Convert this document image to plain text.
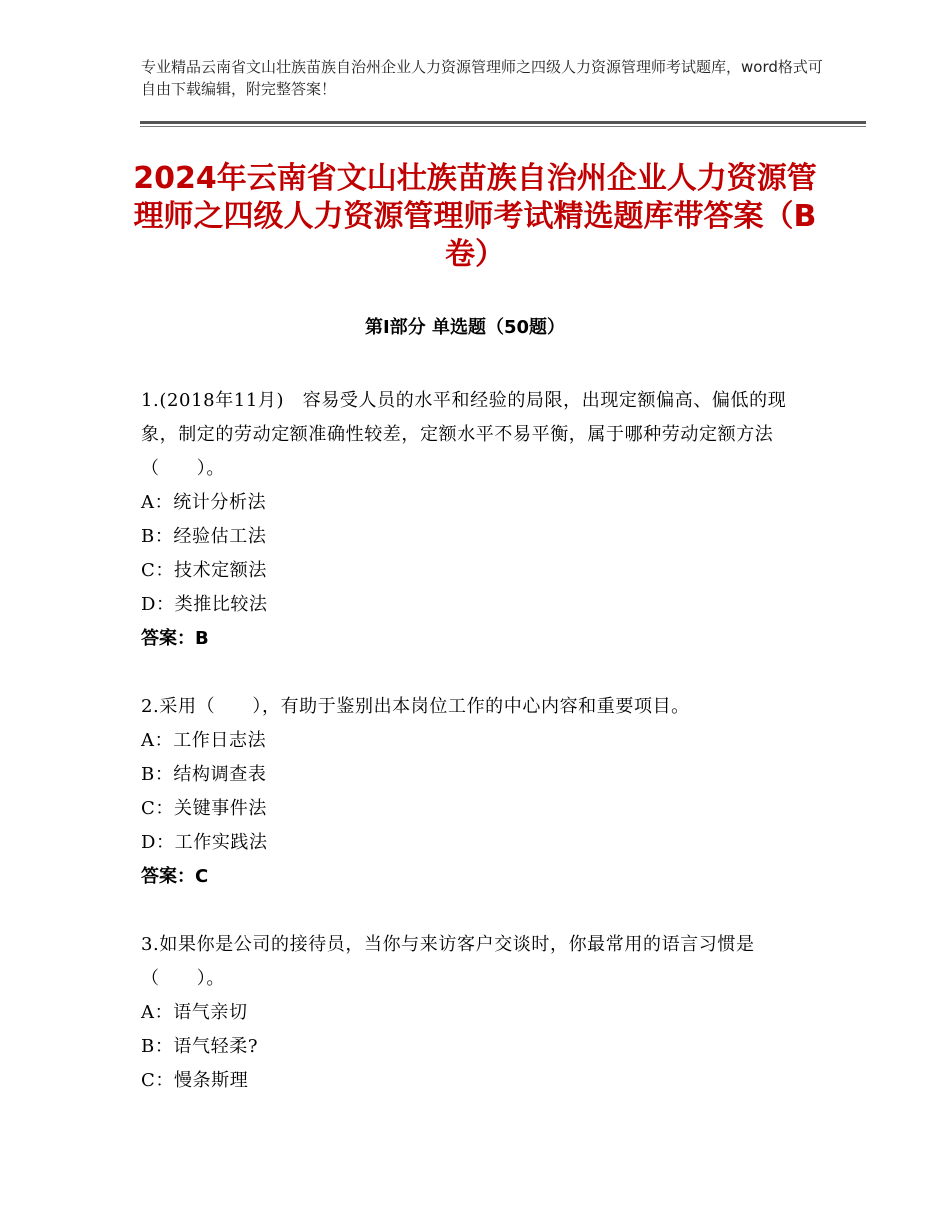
专业精品云南省文山壮族苗族自治州企业人力资源管理师之四级人力资源管理师考试题库，word格式可自由下载编辑，附完整答案！
2024年云南省文山壮族苗族自治州企业人力资源管理师之四级人力资源管理师考试精选题库带答案（B卷）
第Ⅰ部分 单选题（50题）
1.(2018年11月)　容易受人员的水平和经验的局限，出现定额偏高、偏低的现象，制定的劳动定额准确性较差，定额水平不易平衡，属于哪种劳动定额方法（　　）。
A：统计分析法
B：经验估工法
C：技术定额法
D：类推比较法
答案：B
2.采用（　　），有助于鉴别出本岗位工作的中心内容和重要项目。
A：工作日志法
B：结构调查表
C：关键事件法
D：工作实践法
答案：C
3.如果你是公司的接待员，当你与来访客户交谈时，你最常用的语言习惯是（　　）。
A：语气亲切
B：语气轻柔?
C：慢条斯理
